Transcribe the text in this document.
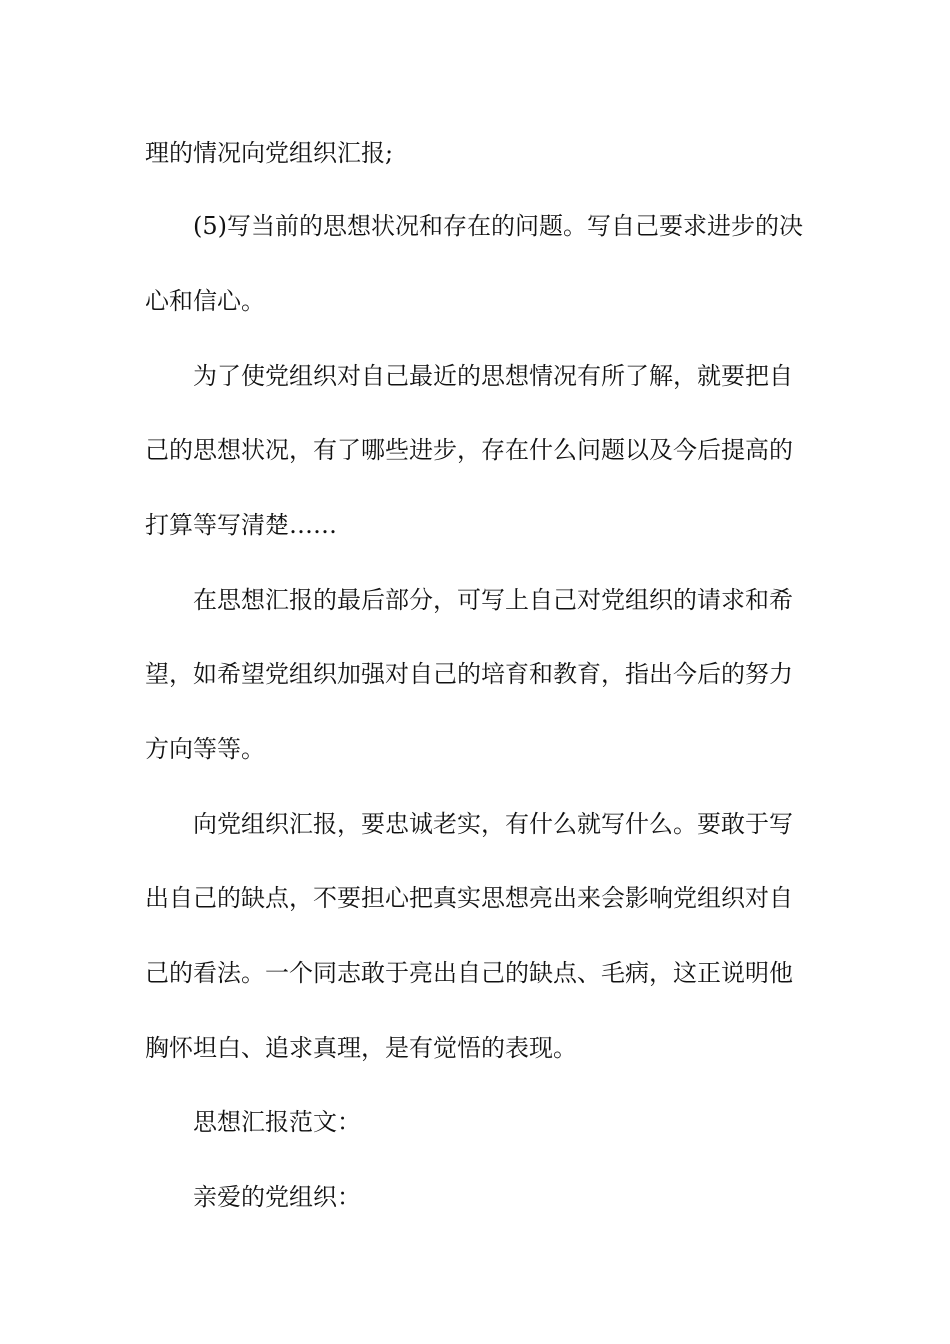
理的情况向党组织汇报;

(5)写当前的思想状况和存在的问题。写自己要求进步的决

心和信心。

为了使党组织对自己最近的思想情况有所了解，就要把自

己的思想状况，有了哪些进步，存在什么问题以及今后提高的

打算等写清楚……

在思想汇报的最后部分，可写上自己对党组织的请求和希

望，如希望党组织加强对自己的培育和教育，指出今后的努力

方向等等。

向党组织汇报，要忠诚老实，有什么就写什么。要敢于写

出自己的缺点，不要担心把真实思想亮出来会影响党组织对自

己的看法。一个同志敢于亮出自己的缺点、毛病，这正说明他

胸怀坦白、追求真理，是有觉悟的表现。

思想汇报范文：

亲爱的党组织：
